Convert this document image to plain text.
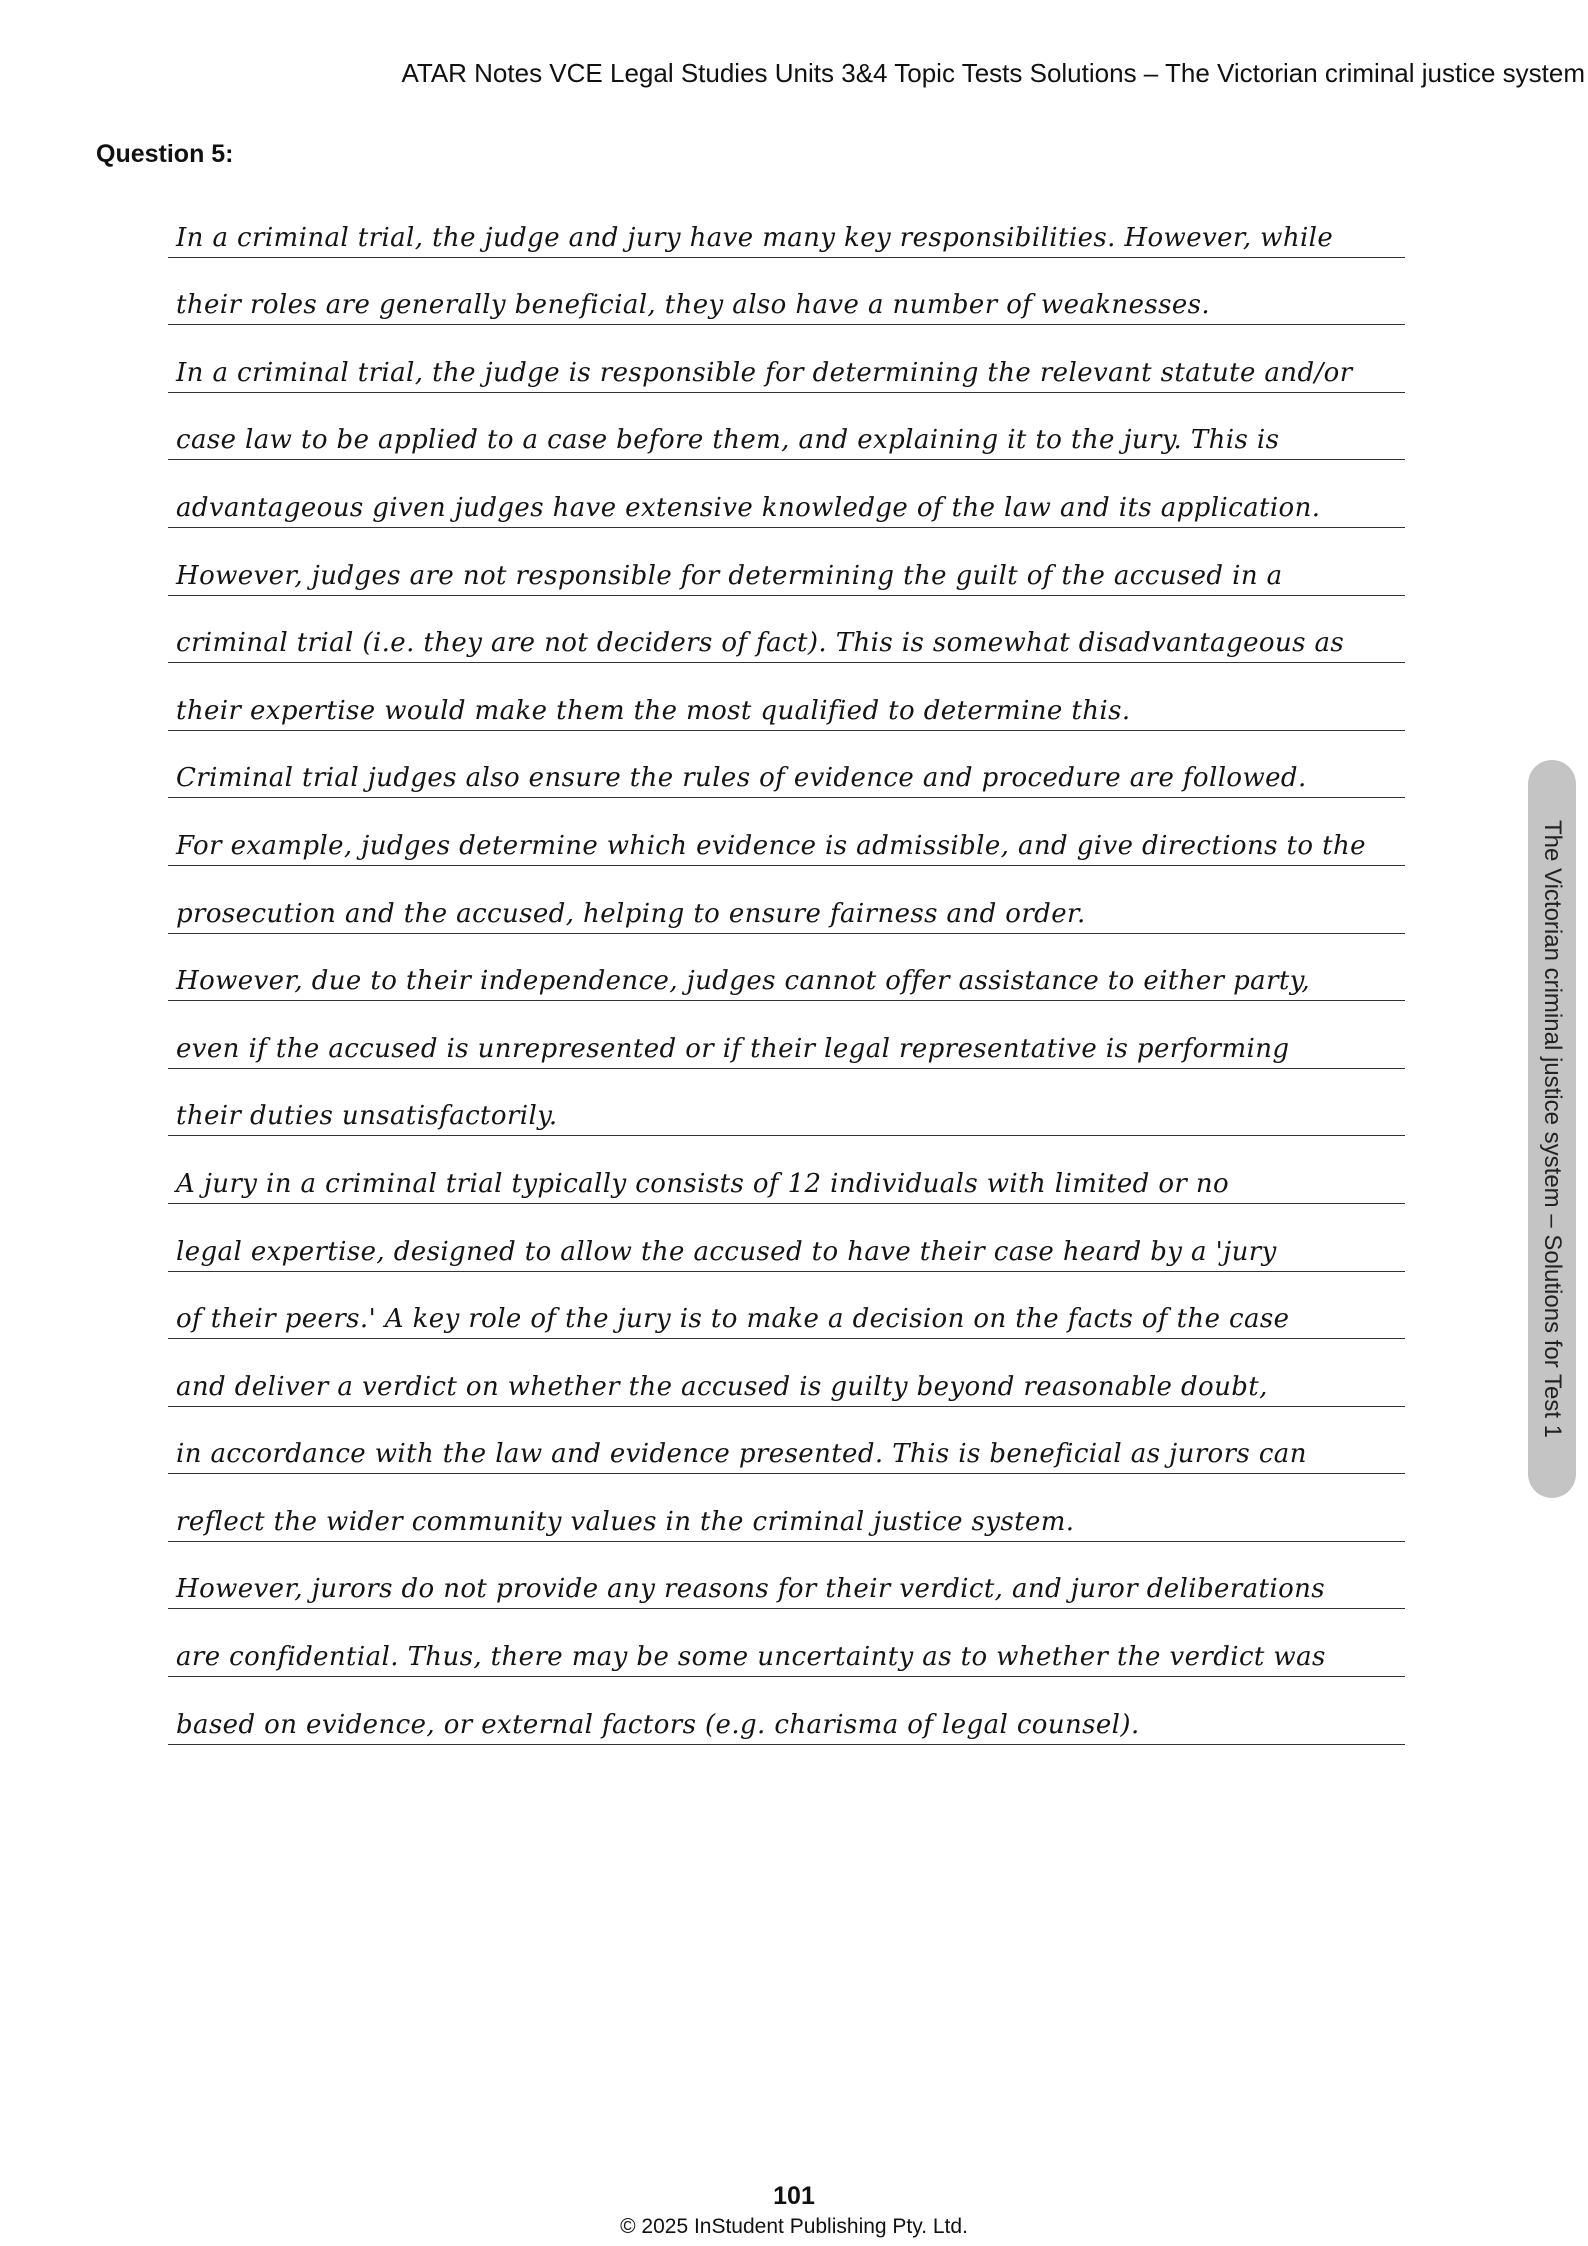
ATAR Notes VCE Legal Studies Units 3&4 Topic Tests Solutions – The Victorian criminal justice system
Question 5:
In a criminal trial, the judge and jury have many key responsibilities. However, while
their roles are generally beneficial, they also have a number of weaknesses.
In a criminal trial, the judge is responsible for determining the relevant statute and/or
case law to be applied to a case before them, and explaining it to the jury. This is
advantageous given judges have extensive knowledge of the law and its application.
However, judges are not responsible for determining the guilt of the accused in a
criminal trial (i.e. they are not deciders of fact). This is somewhat disadvantageous as
their expertise would make them the most qualified to determine this.
Criminal trial judges also ensure the rules of evidence and procedure are followed.
For example, judges determine which evidence is admissible, and give directions to the
prosecution and the accused, helping to ensure fairness and order.
However, due to their independence, judges cannot offer assistance to either party,
even if the accused is unrepresented or if their legal representative is performing
their duties unsatisfactorily.
A jury in a criminal trial typically consists of 12 individuals with limited or no
legal expertise, designed to allow the accused to have their case heard by a 'jury
of their peers.' A key role of the jury is to make a decision on the facts of the case
and deliver a verdict on whether the accused is guilty beyond reasonable doubt,
in accordance with the law and evidence presented. This is beneficial as jurors can
reflect the wider community values in the criminal justice system.
However, jurors do not provide any reasons for their verdict, and juror deliberations
are confidential. Thus, there may be some uncertainty as to whether the verdict was
based on evidence, or external factors (e.g. charisma of legal counsel).
The Victorian criminal justice system – Solutions for Test 1
101
© 2025 InStudent Publishing Pty. Ltd.
